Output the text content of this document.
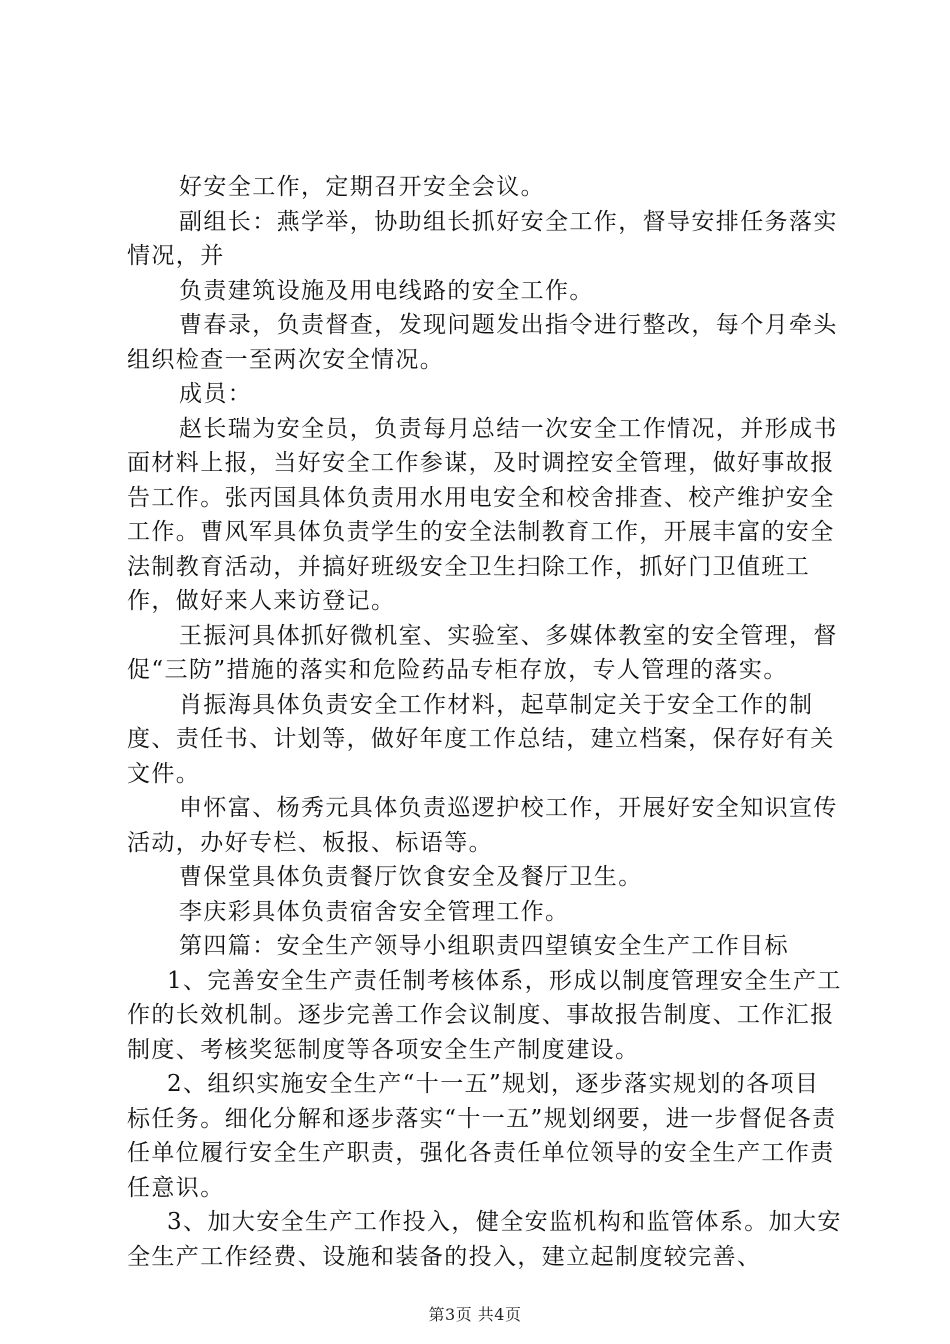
好安全工作，定期召开安全会议。

副组长：燕学举，协助组长抓好安全工作，督导安排任务落实情况，并

负责建筑设施及用电线路的安全工作。

曹春录，负责督查，发现问题发出指令进行整改，每个月牵头组织检查一至两次安全情况。

成员：

赵长瑞为安全员，负责每月总结一次安全工作情况，并形成书面材料上报，当好安全工作参谋，及时调控安全管理，做好事故报告工作。张丙国具体负责用水用电安全和校舍排查、校产维护安全工作。曹风军具体负责学生的安全法制教育工作，开展丰富的安全法制教育活动，并搞好班级安全卫生扫除工作，抓好门卫值班工作，做好来人来访登记。

王振河具体抓好微机室、实验室、多媒体教室的安全管理，督促“三防”措施的落实和危险药品专柜存放，专人管理的落实。

肖振海具体负责安全工作材料，起草制定关于安全工作的制度、责任书、计划等，做好年度工作总结，建立档案，保存好有关文件。

申怀富、杨秀元具体负责巡逻护校工作，开展好安全知识宣传活动，办好专栏、板报、标语等。

曹保堂具体负责餐厅饮食安全及餐厅卫生。

李庆彩具体负责宿舍安全管理工作。

第四篇：安全生产领导小组职责四望镇安全生产工作目标

1、完善安全生产责任制考核体系，形成以制度管理安全生产工作的长效机制。逐步完善工作会议制度、事故报告制度、工作汇报制度、考核奖惩制度等各项安全生产制度建设。

2、组织实施安全生产“十一五”规划，逐步落实规划的各项目标任务。细化分解和逐步落实“十一五”规划纲要，进一步督促各责任单位履行安全生产职责，强化各责任单位领导的安全生产工作责任意识。

3、加大安全生产工作投入，健全安监机构和监管体系。加大安全生产工作经费、设施和装备的投入，建立起制度较完善、

第3页 共4页
